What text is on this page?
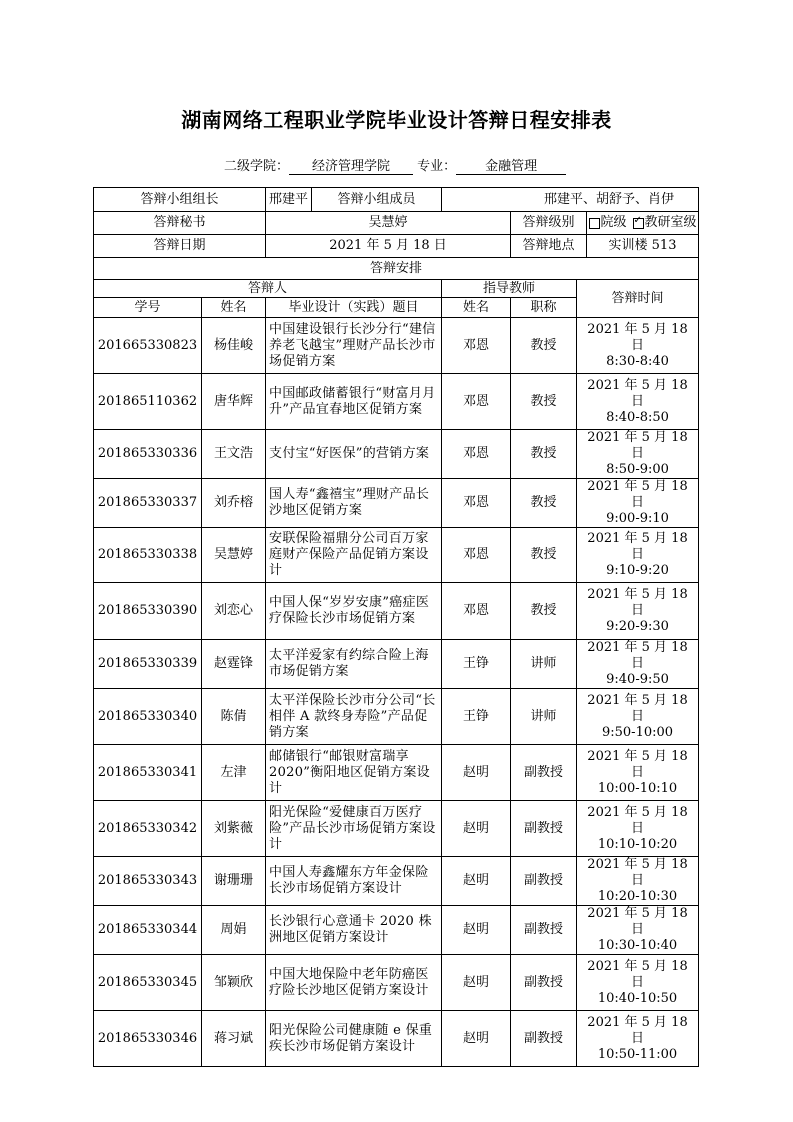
湖南网络工程职业学院毕业设计答辩日程安排表
二级学院： 经济管理学院 专业： 金融管理
答辩小组组长		邢建平 答辩小组成员	邢建平、胡舒予、肖伊		
答辩秘书		吴慧婷		答辩级别 院级 ✓ 教研室级

答辩日期		2021 年 5 月 18 日		答辩地点 实训楼 513	

答辩安排					
答辩人			指导教师		答辩时间
学号	姓名	毕业设计（实践）题目	姓名	职称	
201665330823	杨佳峻	中国建设银行长沙分行“建信养老飞越宝”理财产品长沙市场促销方案	邓恩	教授	2021 年 5 月 18 日
8:30-8:40

201865110362	唐华辉	中国邮政储蓄银行“财富月月升”产品宜春地区促销方案	邓恩	教授	2021 年 5 月 18 日
8:40-8:50

201865330336	王文浩	支付宝“好医保”的营销方案	邓恩	教授	2021 年 5 月 18 日
8:50-9:00

201865330337	刘乔榕	国人寿“鑫禧宝”理财产品长沙地区促销方案	邓恩	教授	2021 年 5 月 18 日
9:00-9:10

201865330338	吴慧婷	安联保险福鼎分公司百万家庭财产保险产品促销方案设计	邓恩	教授	2021 年 5 月 18 日
9:10-9:20

201865330390	刘恋心	中国人保“岁岁安康”癌症医疗保险长沙市场促销方案	邓恩	教授	2021 年 5 月 18 日
9:20-9:30

201865330339	赵霆锋	太平洋爱家有约综合险上海市场促销方案	王铮	讲师	2021 年 5 月 18 日
9:40-9:50

201865330340	陈倩	太平洋保险长沙市分公司“长相伴 A 款终身寿险”产品促销方案	王铮	讲师	2021 年 5 月 18 日
9:50-10:00

201865330341	左津	邮储银行“邮银财富瑞享2020”衡阳地区促销方案设计	赵明	副教授	2021 年 5 月 18 日
10:00-10:10

201865330342	刘紫薇	阳光保险“爱健康百万医疗险”产品长沙市场促销方案设计	赵明	副教授	2021 年 5 月 18 日
10:10-10:20

201865330343	谢珊珊	中国人寿鑫耀东方年金保险长沙市场促销方案设计	赵明	副教授	2021 年 5 月 18 日
10:20-10:30

201865330344	周娟	长沙银行心意通卡 2020 株洲地区促销方案设计	赵明	副教授	2021 年 5 月 18 日
10:30-10:40

201865330345	邹颖欣	中国大地保险中老年防癌医疗险长沙地区促销方案设计	赵明	副教授	2021 年 5 月 18 日
10:40-10:50

201865330346	蒋习斌	阳光保险公司健康随 e 保重疾长沙市场促销方案设计	赵明	副教授	2021 年 5 月 18 日
10:50-11:00
